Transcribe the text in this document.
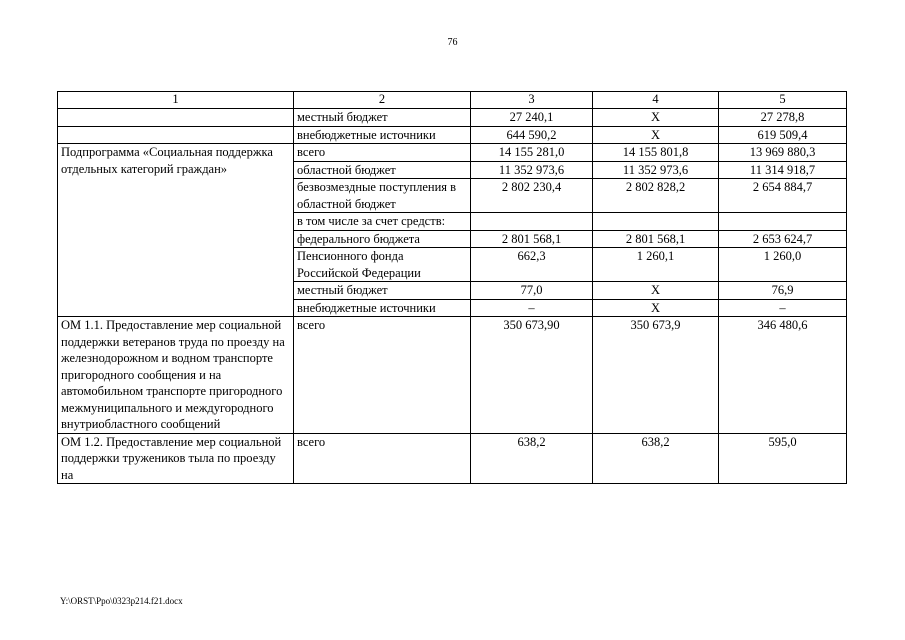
76
1	2	3	4	5
	местный бюджет	27 240,1	X	27 278,8
	внебюджетные источники	644 590,2	X	619 509,4
Подпрограмма «Социальная поддержка отдельных категорий граждан»	всего	14 155 281,0	14 155 801,8	13 969 880,3
	областной бюджет	11 352 973,6	11 352 973,6	11 314 918,7
	безвозмездные поступления в областной бюджет	2 802 230,4	2 802 828,2	2 654 884,7
	в том числе за счет средств:			
	федерального бюджета	2 801 568,1	2 801 568,1	2 653 624,7
	Пенсионного фонда Российской Федерации	662,3	1 260,1	1 260,0
	местный бюджет	77,0	X	76,9
	внебюджетные источники	–	X	–
ОМ 1.1. Предоставление мер социальной поддержки ветеранов труда по проезду на железнодорожном и водном транспорте пригородного сообщения и на автомобильном транспорте пригородного межмуниципального и междугородного внутриобластного сообщений	всего	350 673,90	350 673,9	346 480,6
ОМ 1.2. Предоставление мер социальной поддержки тружеников тыла по проезду на	всего	638,2	638,2	595,0
Y:\ORST\Ppo\0323p214.f21.docx
